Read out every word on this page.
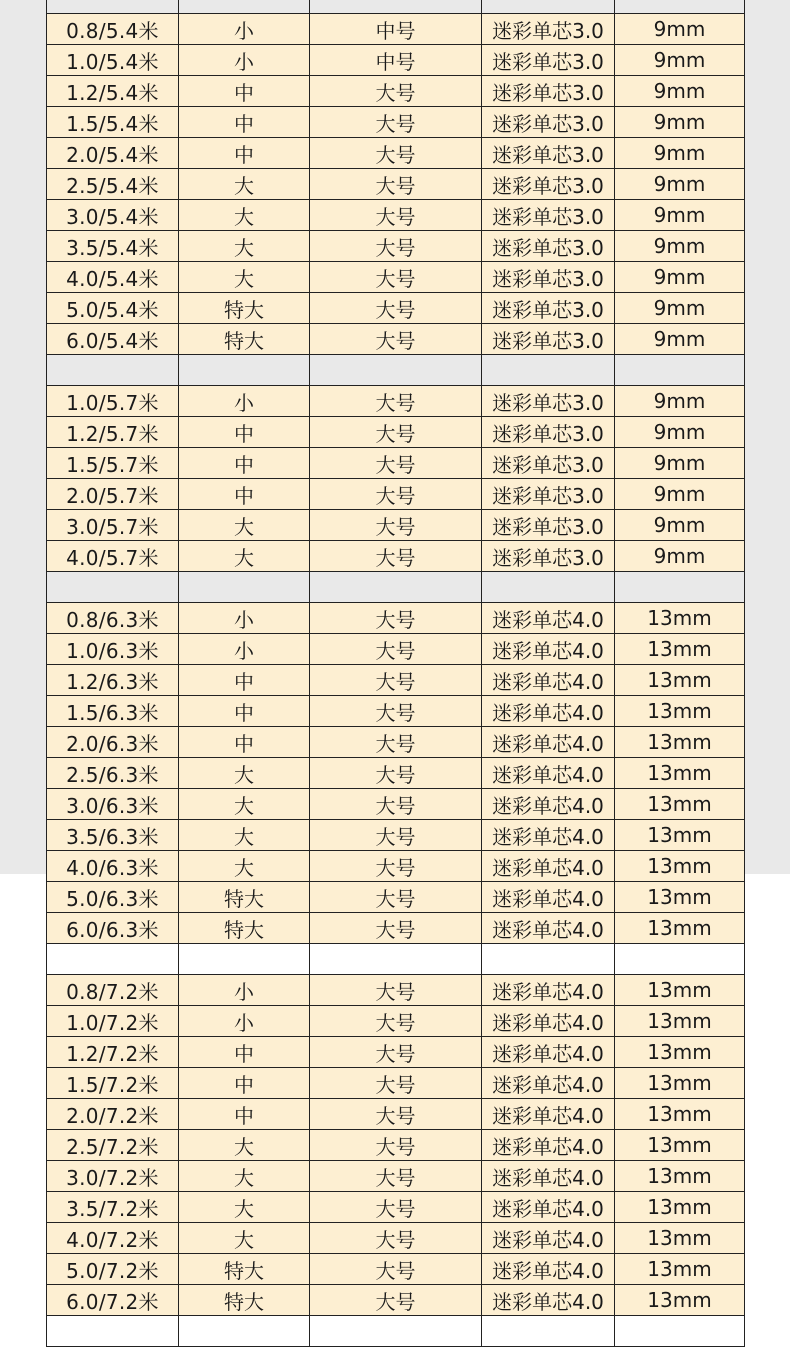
0.8/5.4米	小	中号	迷彩单芯3.0	9mm
1.0/5.4米	小	中号	迷彩单芯3.0	9mm
1.2/5.4米	中	大号	迷彩单芯3.0	9mm
1.5/5.4米	中	大号	迷彩单芯3.0	9mm
2.0/5.4米	中	大号	迷彩单芯3.0	9mm
2.5/5.4米	大	大号	迷彩单芯3.0	9mm
3.0/5.4米	大	大号	迷彩单芯3.0	9mm
3.5/5.4米	大	大号	迷彩单芯3.0	9mm
4.0/5.4米	大	大号	迷彩单芯3.0	9mm
5.0/5.4米	特大	大号	迷彩单芯3.0	9mm
6.0/5.4米	特大	大号	迷彩单芯3.0	9mm

1.0/5.7米	小	大号	迷彩单芯3.0	9mm
1.2/5.7米	中	大号	迷彩单芯3.0	9mm
1.5/5.7米	中	大号	迷彩单芯3.0	9mm
2.0/5.7米	中	大号	迷彩单芯3.0	9mm
3.0/5.7米	大	大号	迷彩单芯3.0	9mm
4.0/5.7米	大	大号	迷彩单芯3.0	9mm

0.8/6.3米	小	大号	迷彩单芯4.0	13mm
1.0/6.3米	小	大号	迷彩单芯4.0	13mm
1.2/6.3米	中	大号	迷彩单芯4.0	13mm
1.5/6.3米	中	大号	迷彩单芯4.0	13mm
2.0/6.3米	中	大号	迷彩单芯4.0	13mm
2.5/6.3米	大	大号	迷彩单芯4.0	13mm
3.0/6.3米	大	大号	迷彩单芯4.0	13mm
3.5/6.3米	大	大号	迷彩单芯4.0	13mm
4.0/6.3米	大	大号	迷彩单芯4.0	13mm
5.0/6.3米	特大	大号	迷彩单芯4.0	13mm
6.0/6.3米	特大	大号	迷彩单芯4.0	13mm

0.8/7.2米	小	大号	迷彩单芯4.0	13mm
1.0/7.2米	小	大号	迷彩单芯4.0	13mm
1.2/7.2米	中	大号	迷彩单芯4.0	13mm
1.5/7.2米	中	大号	迷彩单芯4.0	13mm
2.0/7.2米	中	大号	迷彩单芯4.0	13mm
2.5/7.2米	大	大号	迷彩单芯4.0	13mm
3.0/7.2米	大	大号	迷彩单芯4.0	13mm
3.5/7.2米	大	大号	迷彩单芯4.0	13mm
4.0/7.2米	大	大号	迷彩单芯4.0	13mm
5.0/7.2米	特大	大号	迷彩单芯4.0	13mm
6.0/7.2米	特大	大号	迷彩单芯4.0	13mm
